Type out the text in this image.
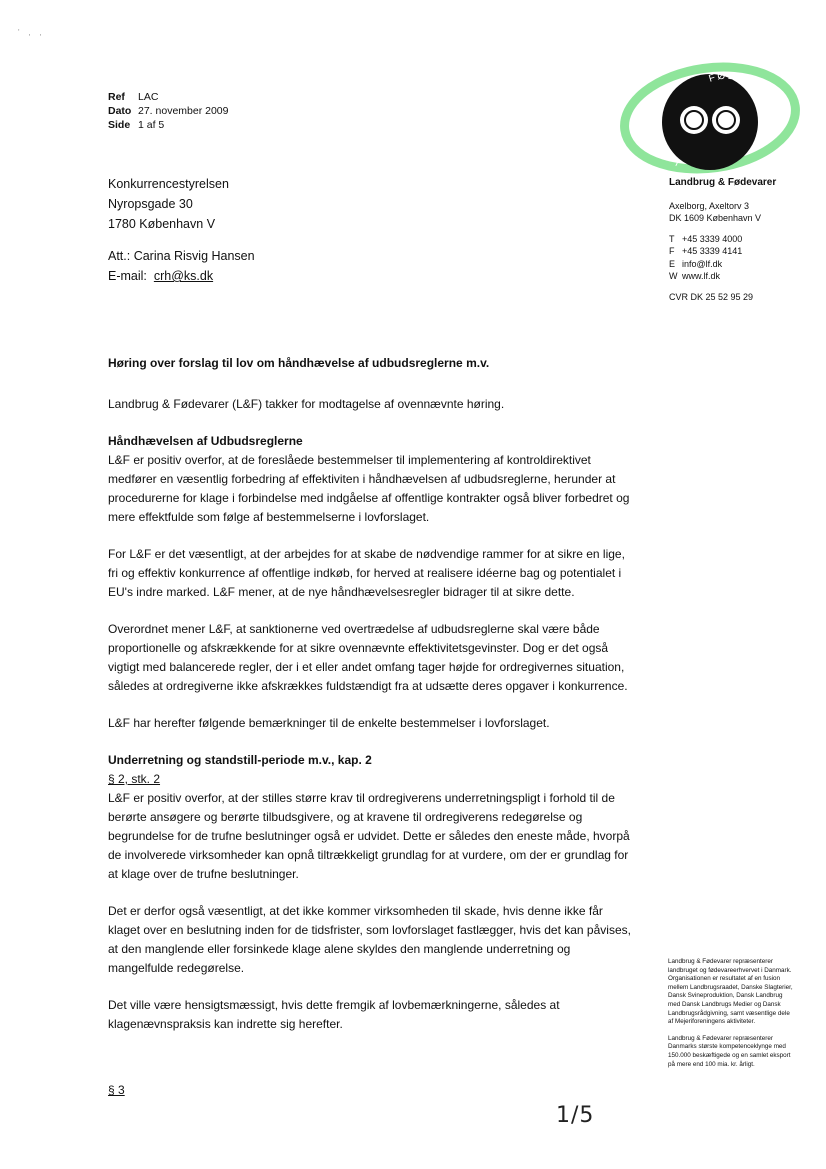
'    ,    ,
Ref	LAC
Dato 27. november 2009
Side 1 af 5
Konkurrencestyrelsen
Nyropsgade 30
1780 København V
Att.: Carina Risvig Hansen
E-mail: crh@ks.dk
LANDBRUG
FØDEVARER
Landbrug & Fødevarer
Axelborg, Axeltorv 3
DK 1609 København V
T +45 3339 4000
F +45 3339 4141
E info@lf.dk
W www.lf.dk
CVR DK 25 52 95 29

Høring over forslag til lov om håndhævelse af udbudsreglerne m.v.

Landbrug & Fødevarer (L&F) takker for modtagelse af ovennævnte høring.

Håndhævelsen af Udbudsreglerne

L&F er positiv overfor, at de foreslåede bestemmelser til implementering af kontroldirektivet medfører en væsentlig forbedring af effektiviten i håndhævelsen af udbudsreglerne, herunder at procedurerne for klage i forbindelse med indgåelse af offentlige kontrakter også bliver forbedret og mere effektfulde som følge af bestemmelserne i lovforslaget.

For L&F er det væsentligt, at der arbejdes for at skabe de nødvendige rammer for at sikre en lige, fri og effektiv konkurrence af offentlige indkøb, for herved at realisere idéerne bag og potentialet i EU's indre marked. L&F mener, at de nye håndhævelsesregler bidrager til at sikre dette.

Overordnet mener L&F, at sanktionerne ved overtrædelse af udbudsreglerne skal være både proportionelle og afskrækkende for at sikre ovennævnte effektivitetsgevinster. Dog er det også vigtigt med balancerede regler, der i et eller andet omfang tager højde for ordregivernes situation, således at ordregiverne ikke afskrækkes fuldstændigt fra at udsætte deres opgaver i konkurrence.

L&F har herefter følgende bemærkninger til de enkelte bestemmelser i lovforslaget.

Underretning og standstill-periode m.v., kap. 2

§ 2, stk. 2

L&F er positiv overfor, at der stilles større krav til ordregiverens underretningspligt i forhold til de berørte ansøgere og berørte tilbudsgivere, og at kravene til ordregiverens redegørelse og begrundelse for de trufne beslutninger også er udvidet. Dette er således den eneste måde, hvorpå de involverede virksomheder kan opnå tiltrækkeligt grundlag for at vurdere, om der er grundlag for at klage over de trufne beslutninger.

Det er derfor også væsentligt, at det ikke kommer virksomheden til skade, hvis denne ikke får klaget over en beslutning inden for de tidsfrister, som lovforslaget fastlægger, hvis det kan påvises, at den manglende eller forsinkede klage alene skyldes den manglende underretning og mangelfulde redegørelse.

Det ville være hensigtsmæssigt, hvis dette fremgik af lovbemærkningerne, således at klagenævnspraksis kan indrette sig herefter.

§ 3

Landbrug & Fødevarer repræsenterer landbruget og fødevareerhvervet i Danmark. Organisationen er resultatet af en fusion mellem Landbrugsraadet, Danske Slagterier, Dansk Svineproduktion, Dansk Landbrug med Dansk Landbrugs Medier og Dansk Landbrugsrådgivning, samt væsentlige dele af Mejeriforeningens aktiviteter.

Landbrug & Fødevarer repræsenterer Danmarks største kompetenceklynge med 150.000 beskæftigede og en samlet eksport på mere end 100 mia. kr. årligt.

1/5
